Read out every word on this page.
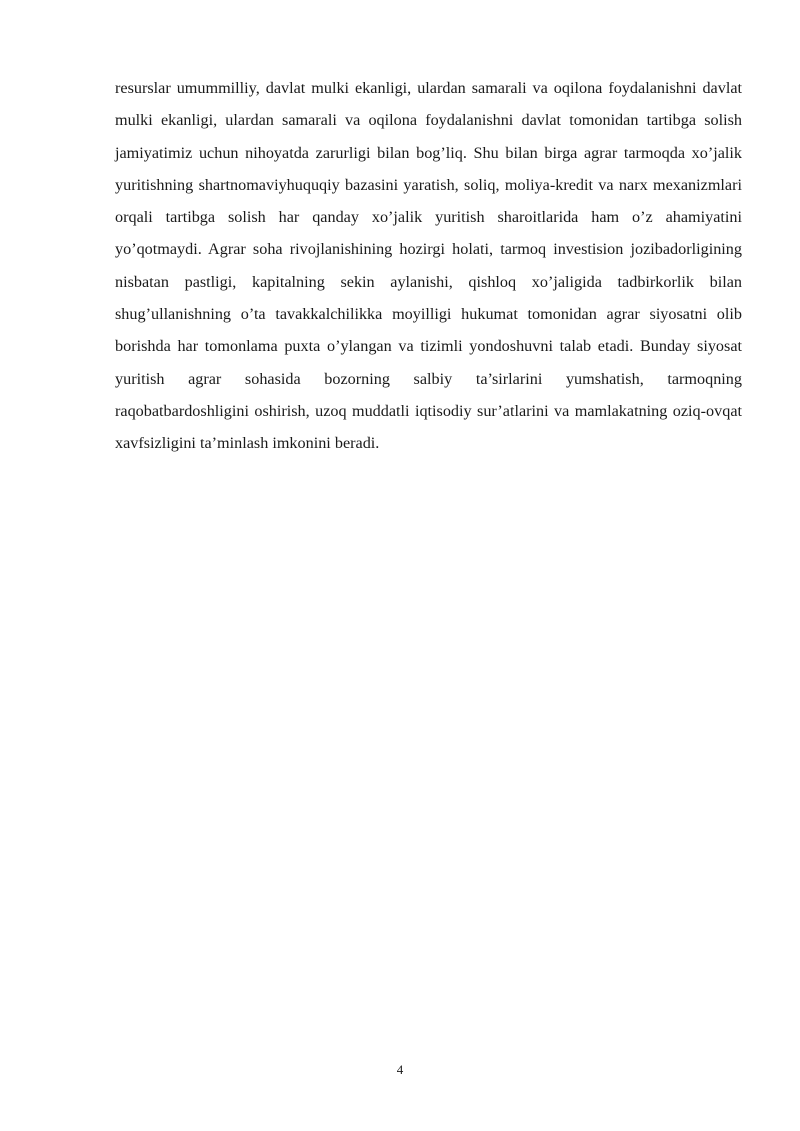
resurslar umummilliy, davlat mulki ekanligi, ulardan samarali va oqilona foydalanishni davlat mulki ekanligi, ulardan samarali va oqilona foydalanishni davlat tomonidan tartibga solish jamiyatimiz uchun nihoyatda zarurligi bilan bog’liq. Shu bilan birga agrar tarmoqda xo’jalik yuritishning shartnomaviyhuquqiy bazasini yaratish, soliq, moliya-kredit va narx mexanizmlari orqali tartibga solish har qanday xo’jalik yuritish sharoitlarida ham o’z ahamiyatini yo’qotmaydi. Agrar soha rivojlanishining hozirgi holati, tarmoq investision jozibadorligining nisbatan pastligi, kapitalning sekin aylanishi, qishloq xo’jaligida tadbirkorlik bilan shug’ullanishning o’ta tavakkalchilikka moyilligi hukumat tomonidan agrar siyosatni olib borishda har tomonlama puxta o’ylangan va tizimli yondoshuvni talab etadi. Bunday siyosat yuritish agrar sohasida bozorning salbiy ta’sirlarini yumshatish, tarmoqning raqobatbardoshligini oshirish, uzoq muddatli iqtisodiy sur’atlarini va mamlakatning oziq-ovqat xavfsizligini ta’minlash imkonini beradi.

4
